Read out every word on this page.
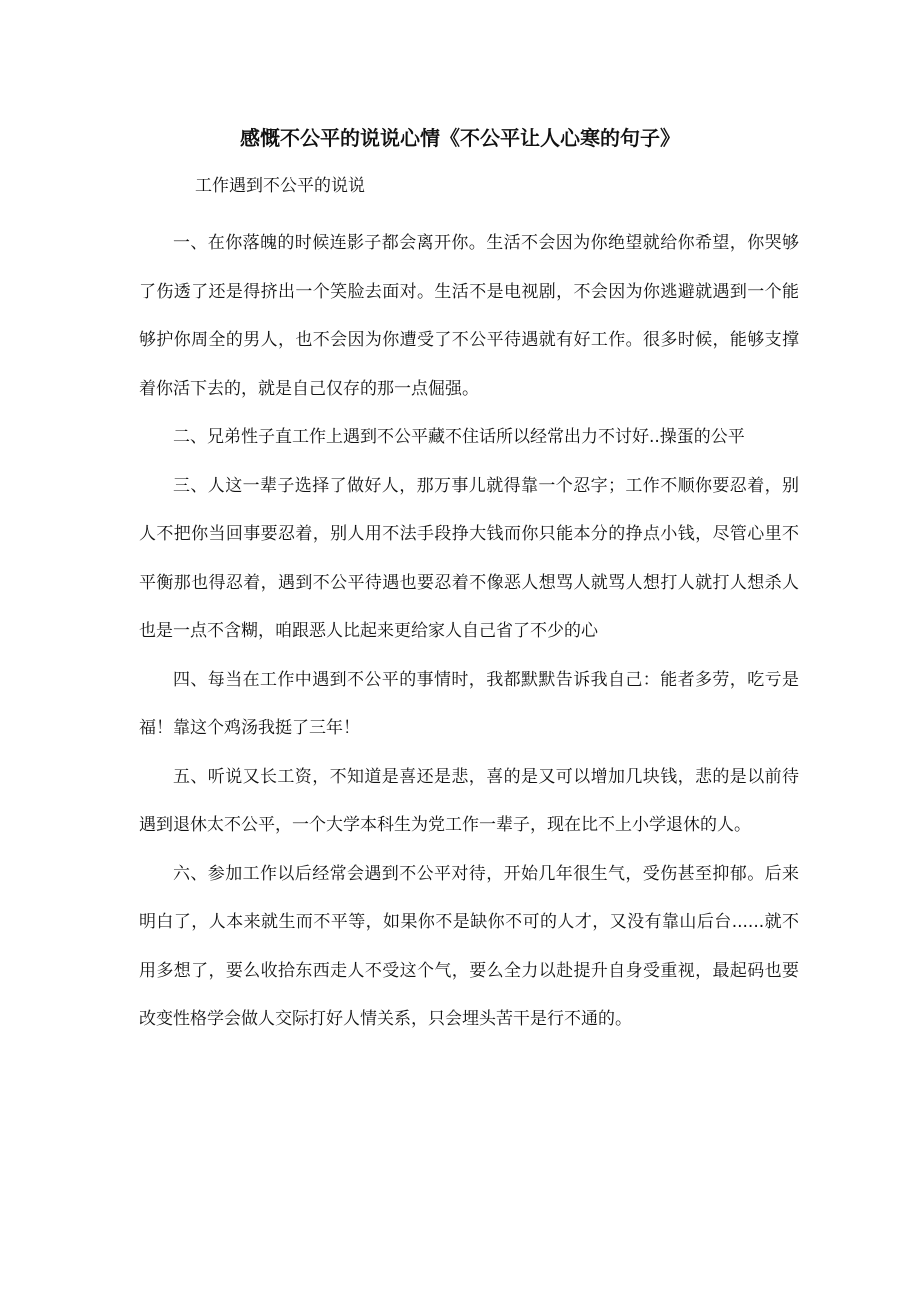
感慨不公平的说说心情《不公平让人心寒的句子》

工作遇到不公平的说说

一、在你落魄的时候连影子都会离开你。生活不会因为你绝望就给你希望，你哭够了伤透了还是得挤出一个笑脸去面对。生活不是电视剧，不会因为你逃避就遇到一个能够护你周全的男人，也不会因为你遭受了不公平待遇就有好工作。很多时候，能够支撑着你活下去的，就是自己仅存的那一点倔强。

二、兄弟性子直工作上遇到不公平藏不住话所以经常出力不讨好..操蛋的公平

三、人这一辈子选择了做好人，那万事儿就得靠一个忍字；工作不顺你要忍着，别人不把你当回事要忍着，别人用不法手段挣大钱而你只能本分的挣点小钱，尽管心里不平衡那也得忍着，遇到不公平待遇也要忍着不像恶人想骂人就骂人想打人就打人想杀人也是一点不含糊，咱跟恶人比起来更给家人自己省了不少的心

四、每当在工作中遇到不公平的事情时，我都默默告诉我自己：能者多劳，吃亏是福！靠这个鸡汤我挺了三年！

五、听说又长工资，不知道是喜还是悲，喜的是又可以增加几块钱，悲的是以前待遇到退休太不公平，一个大学本科生为党工作一辈子，现在比不上小学退休的人。

六、参加工作以后经常会遇到不公平对待，开始几年很生气，受伤甚至抑郁。后来明白了，人本来就生而不平等，如果你不是缺你不可的人才，又没有靠山后台......就不用多想了，要么收拾东西走人不受这个气，要么全力以赴提升自身受重视，最起码也要改变性格学会做人交际打好人情关系，只会埋头苦干是行不通的。
